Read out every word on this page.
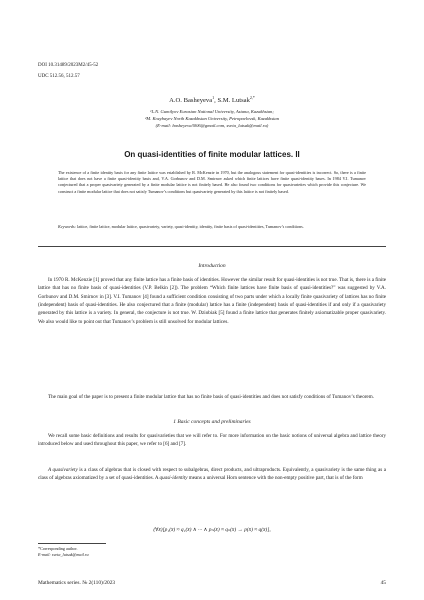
DOI 10.31489/2023M2/45-52
UDC 512.56, 512.57
A.O. Basheyeva$^1$, S.M. Lutsak$^{2,*}$
¹L.N. Gumilyov Eurasian National University, Astana, Kazakhstan;
²M. Kozybayev North Kazakhstan University, Petropavlovsk, Kazakhstan
(E-mail: basheyeva3006@gmail.com, sveta_lutsak@mail.ru)
On quasi-identities of finite modular lattices. II
The existence of a finite identity basis for any finite lattice was established by R. McKenzie in 1970, but the analogous statement for quasi-identities is incorrect. So, there is a finite lattice that does not have a finite quasi-identity basis and, V.A. Gorbunov and D.M. Smirnov asked which finite lattices have finite quasi-identity bases. In 1984 V.I. Tumanov conjectured that a proper quasivariety generated by a finite modular lattice is not finitely based. He also found two conditions for quasivarieties which provide this conjecture. We construct a finite modular lattice that does not satisfy Tumanov’s conditions but quasivariety generated by this lattice is not finitely based.
Keywords: lattice, finite lattice, modular lattice, quasivariety, variety, quasi-identity, identity, finite basis of quasi-identities, Tumanov’s conditions.
Introduction
In 1970 R. McKenzie [1] proved that any finite lattice has a finite basis of identities. However the similar result for quasi-identities is not true. That is, there is a finite lattice that has no finite basis of quasi-identities (V.P. Belkin [2]). The problem “Which finite lattices have finite basis of quasi-identities?” was suggested by V.A. Gorbunov and D.M. Smirnov in [3]. V.I. Tumanov [4] found a sufficient condition consisting of two parts under which a locally finite quasivariety of lattices has no finite (independent) basis of quasi-identities. He also conjectured that a finite (modular) lattice has a finite (independent) basis of quasi-identities if and only if a quasivariety generated by this lattice is a variety. In general, the conjecture is not true. W. Dziobiak [5] found a finite lattice that generates finitely axiomatizable proper quasivariety. We also would like to point out that Tumanov’s problem is still unsolved for modular lattices.
The main goal of the paper is to present a finite modular lattice that has no finite basis of quasi-identities and does not satisfy conditions of Tumanov’s theorem.
1 Basic concepts and preliminaries
We recall some basic definitions and results for quasivarieties that we will refer to. For more information on the basic notions of universal algebra and lattice theory introduced below and used throughout this paper, we refer to [6] and [7].
A quasivariety is a class of algebras that is closed with respect to subalgebras, direct products, and ultraproducts. Equivalently, a quasivariety is the same thing as a class of algebras axiomatized by a set of quasi-identities. A quasi-identity means a universal Horn sentence with the non-empty positive part, that is of the form
(∀x̄)[p₁(x̄) ≈ q₁(x̄) ∧ ··· ∧ pₙ(x̄) ≈ qₙ(x̄) → p(x̄) ≈ q(x̄)],
*Corresponding author.
E-mail: sveta_lutsak@mail.ru
Mathematics series. № 2(110)/2023	45
